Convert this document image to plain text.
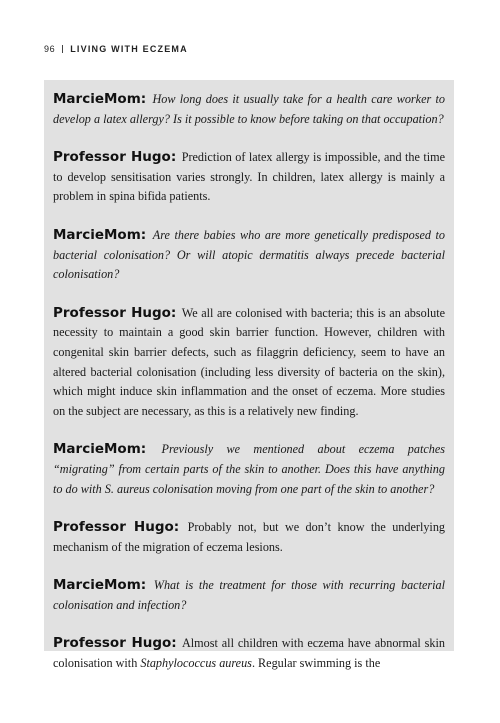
96 LIVING WITH ECZEMA

MarcieMom: How long does it usually take for a health care worker to develop a latex allergy? Is it possible to know before taking on that occupation?

Professor Hugo: Prediction of latex allergy is impossible, and the time to develop sensitisation varies strongly. In children, latex allergy is mainly a problem in spina bifida patients.

MarcieMom: Are there babies who are more genetically predisposed to bacterial colonisation? Or will atopic dermatitis always precede bacterial colonisation?

Professor Hugo: We all are colonised with bacteria; this is an absolute necessity to maintain a good skin barrier function. However, children with congenital skin barrier defects, such as filaggrin deficiency, seem to have an altered bacterial colonisation (including less diversity of bacteria on the skin), which might induce skin inflammation and the onset of eczema. More studies on the subject are necessary, as this is a relatively new finding.

MarcieMom: Previously we mentioned about eczema patches “migrating” from certain parts of the skin to another. Does this have anything to do with S. aureus colonisation moving from one part of the skin to another?

Professor Hugo: Probably not, but we don’t know the underlying mechanism of the migration of eczema lesions.

MarcieMom: What is the treatment for those with recurring bacterial colonisation and infection?

Professor Hugo: Almost all children with eczema have abnormal skin colonisation with Staphylococcus aureus. Regular swimming is the
